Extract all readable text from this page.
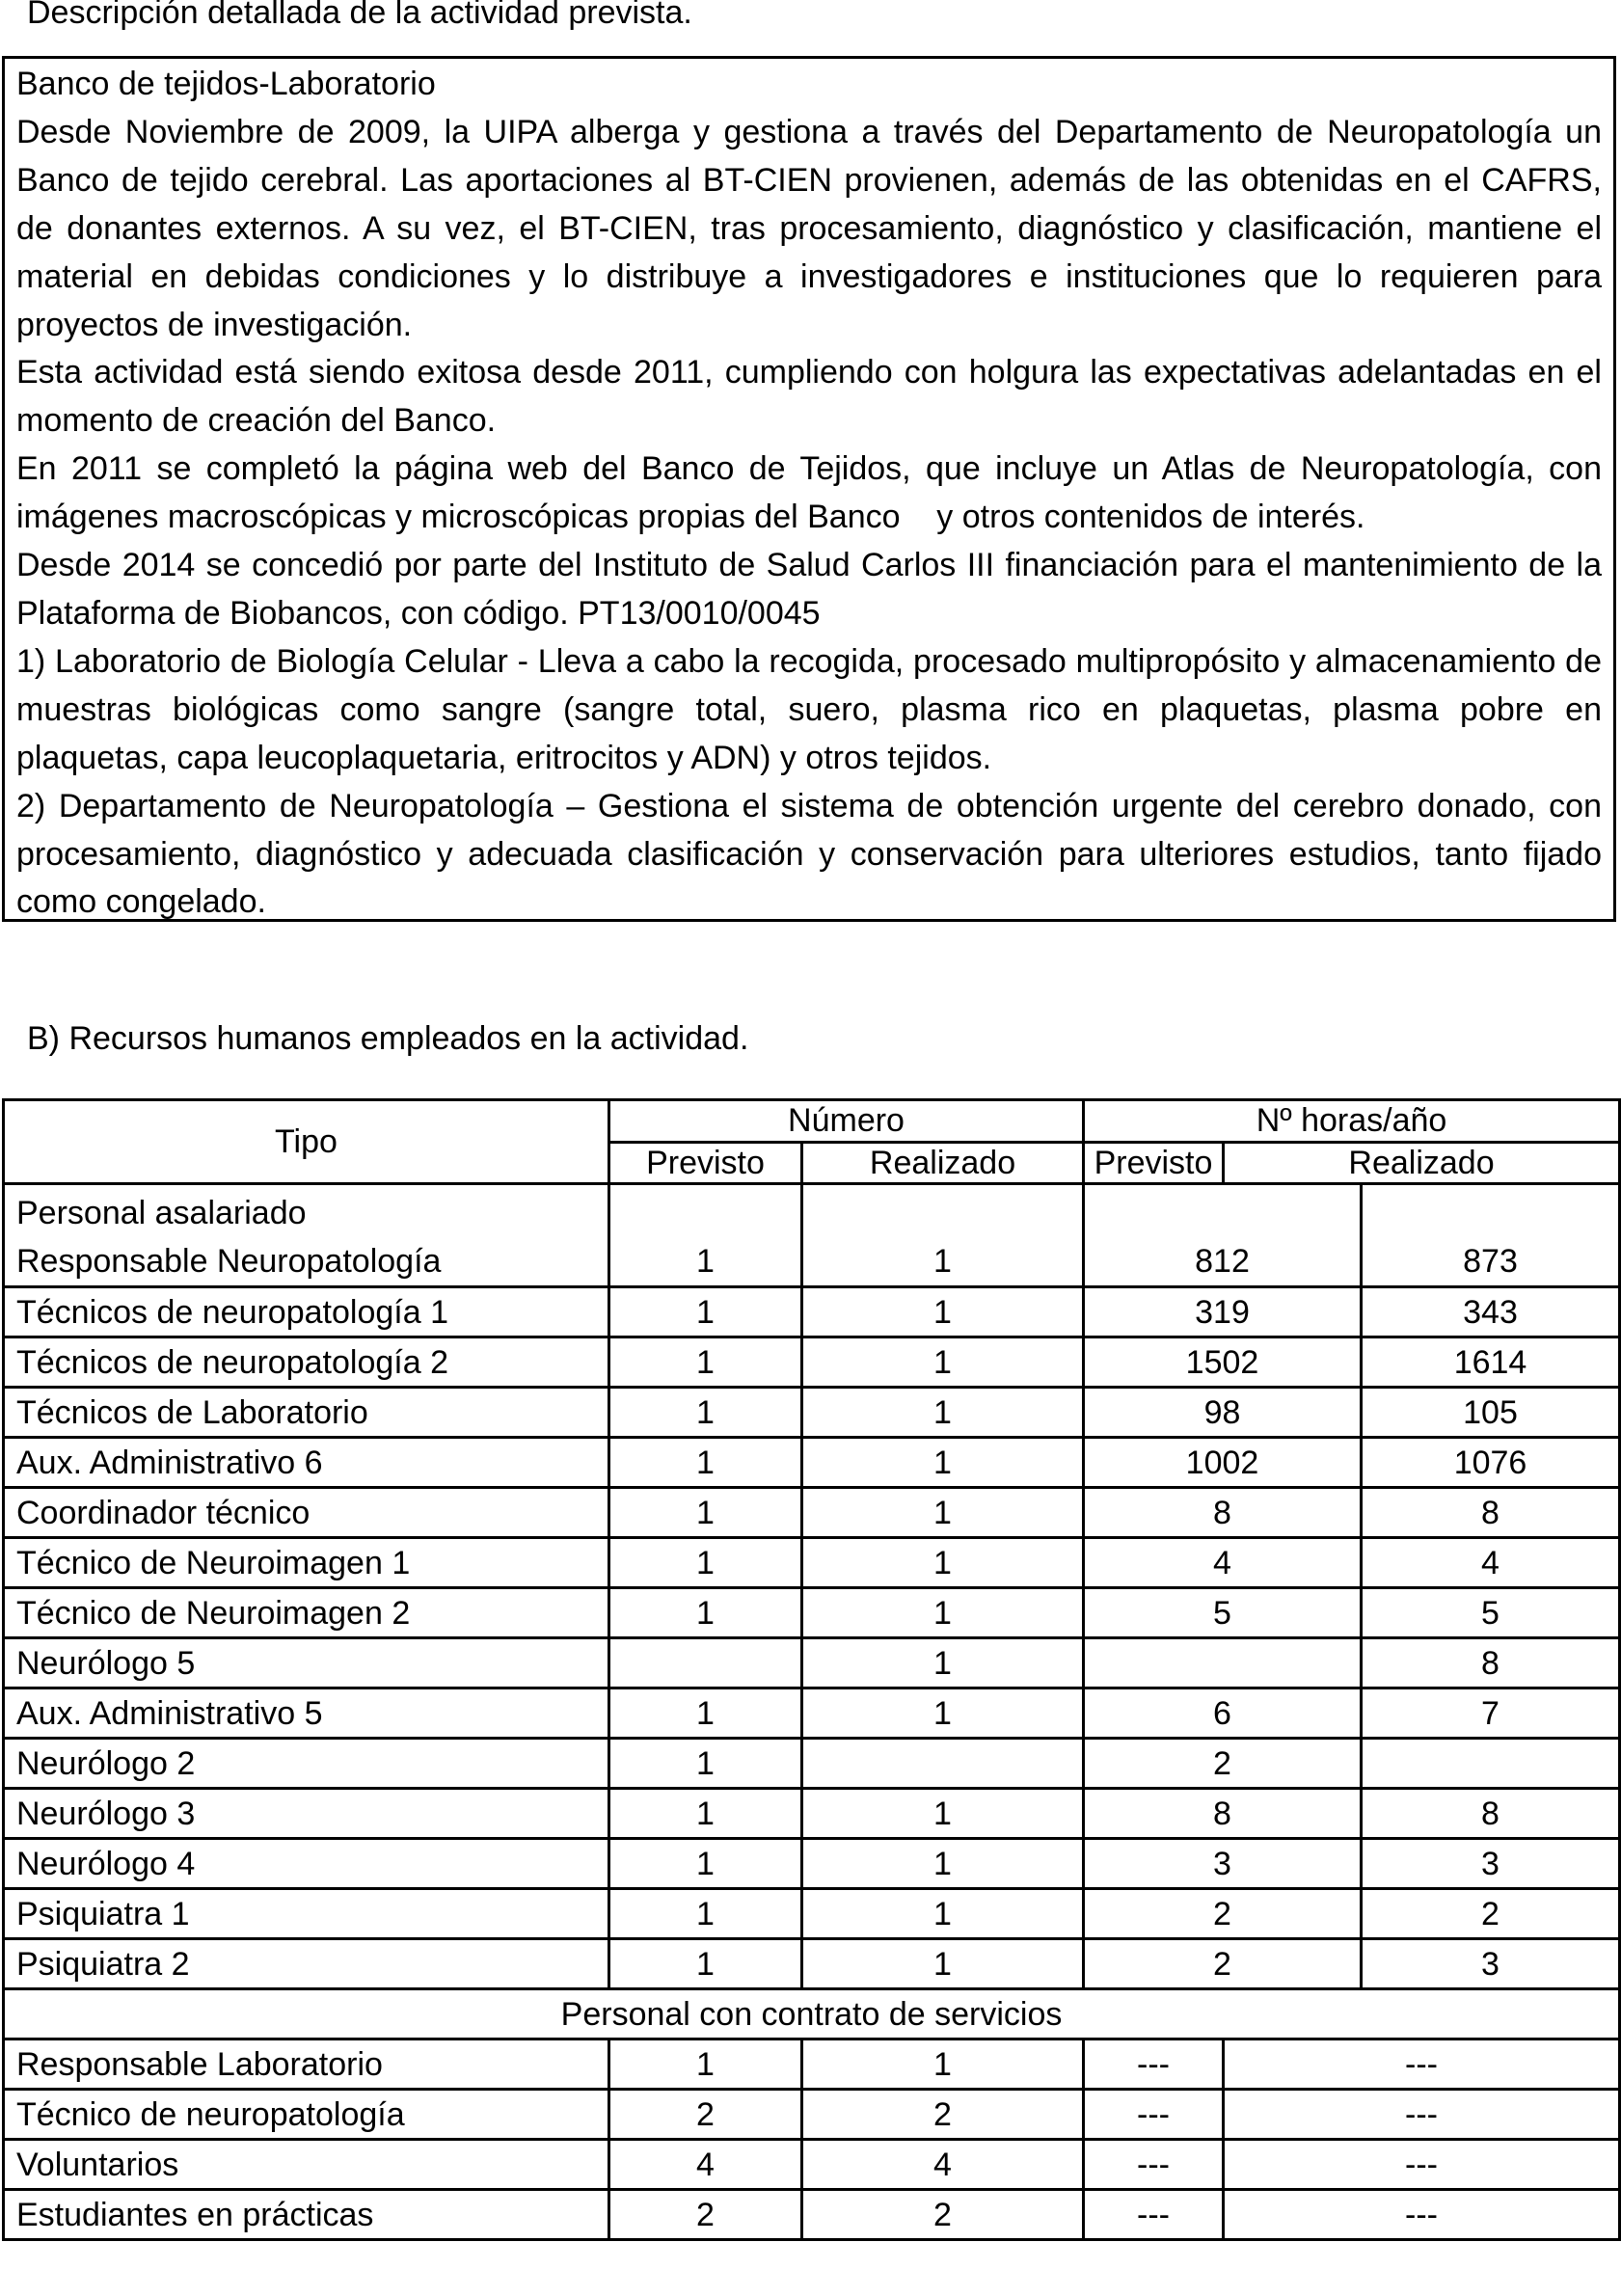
Descripción detallada de la actividad prevista.

Banco de tejidos-Laboratorio

Desde Noviembre de 2009, la UIPA alberga y gestiona a través del Departamento de Neuropatología un Banco de tejido cerebral. Las aportaciones al BT-CIEN provienen, además de las obtenidas en el CAFRS, de donantes externos. A su vez, el BT-CIEN, tras procesamiento, diagnóstico y clasificación, mantiene el material en debidas condiciones y lo distribuye a investigadores e instituciones que lo requieren para proyectos de investigación.

Esta actividad está siendo exitosa desde 2011, cumpliendo con holgura las expectativas adelantadas en el momento de creación del Banco.

En 2011 se completó la página web del Banco de Tejidos, que incluye un Atlas de Neuropatología, con imágenes macroscópicas y microscópicas propias del Banco    y otros contenidos de interés.

Desde 2014 se concedió por parte del Instituto de Salud Carlos III financiación para el mantenimiento de la Plataforma de Biobancos, con código. PT13/0010/0045

1) Laboratorio de Biología Celular - Lleva a cabo la recogida, procesado multipropósito y almacenamiento de muestras biológicas como sangre (sangre total, suero, plasma rico en plaquetas, plasma pobre en plaquetas, capa leucoplaquetaria, eritrocitos y ADN) y otros tejidos.

2) Departamento de Neuropatología – Gestiona el sistema de obtención urgente del cerebro donado, con procesamiento, diagnóstico y adecuada clasificación y conservación para ulteriores estudios, tanto fijado como congelado.

B) Recursos humanos empleados en la actividad.
Tipo	Número		Nº horas/año		
	Previsto	Realizado	Previsto	Realizado	

Personal asalariado
Responsable Neuropatología	1	1	812		873
Técnicos de neuropatología 1	1	1	319		343
Técnicos de neuropatología 2	1	1	1502		1614
Técnicos de Laboratorio	1	1	98		105
Aux. Administrativo 6	1	1	1002		1076
Coordinador técnico	1	1	8		8
Técnico de Neuroimagen 1	1	1	4		4
Técnico de Neuroimagen 2	1	1	5		5
Neurólogo 5		1			8
Aux. Administrativo 5	1	1	6		7
Neurólogo 2	1		2		
Neurólogo 3	1	1	8		8
Neurólogo 4	1	1	3		3
Psiquiatra 1	1	1	2		2
Psiquiatra 2	1	1	2		3
Personal con contrato de servicios					
Responsable Laboratorio	1	1	---	---	
Técnico de neuropatología	2	2	---	---	
Voluntarios	4	4	---	---	
Estudiantes en prácticas	2	2	---	---	
